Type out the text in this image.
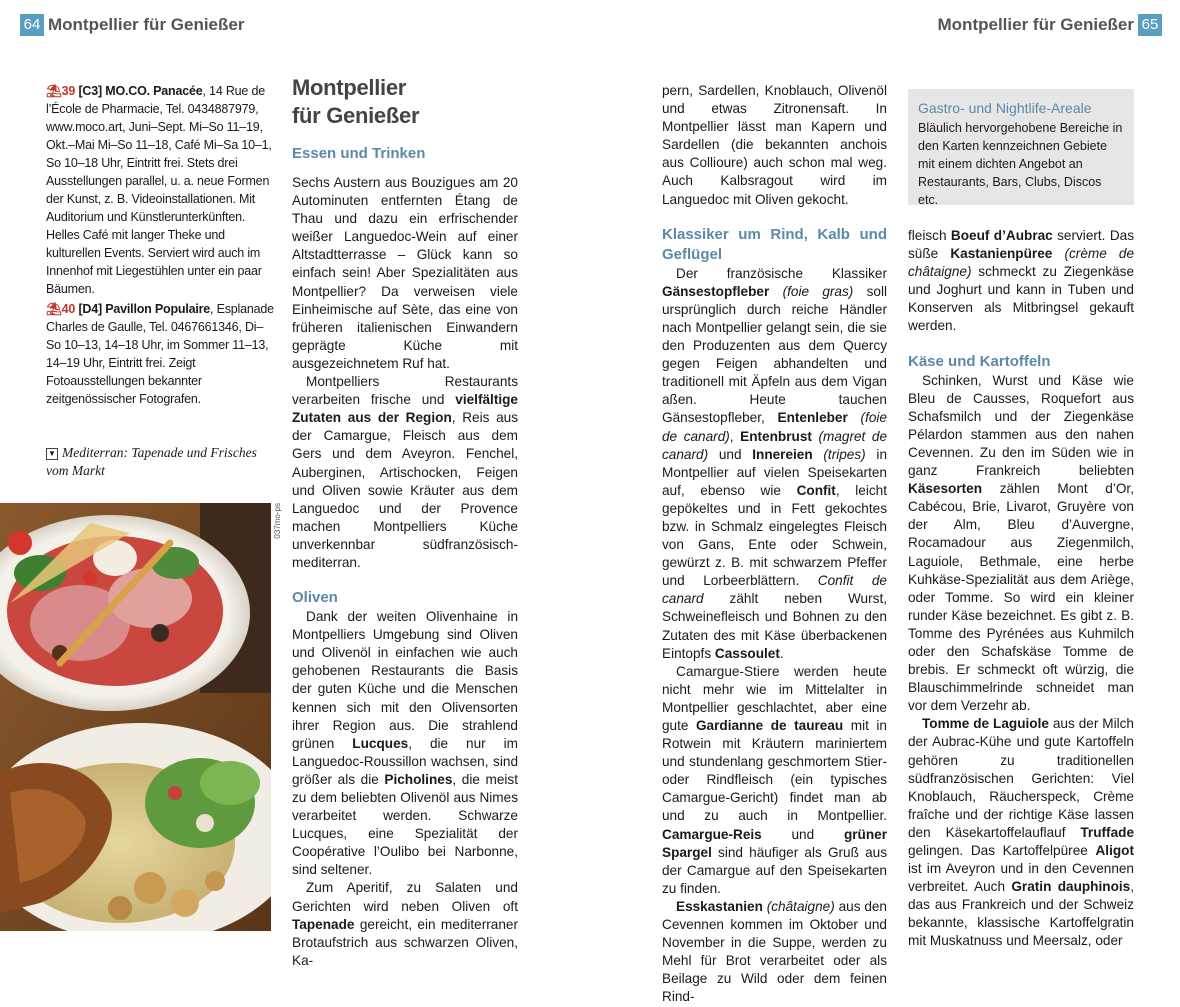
64 Montpellier für Genießer	Montpellier für Genießer 65

⛱39 [C3] MO.CO. Panacée, 14 Rue de l’École de Pharmacie, Tel. 0434887979, www.moco.art, Juni–Sept. Mi–So 11–19, Okt.–Mai Mi–So 11–18, Café Mi–Sa 10–1, So 10–18 Uhr, Eintritt frei. Stets drei Ausstellungen parallel, u. a. neue Formen der Kunst, z. B. Videoinstallationen. Mit Auditorium und Künstlerunterkünften. Helles Café mit langer Theke und kulturellen Events. Serviert wird auch im Innenhof mit Liegestühlen unter ein paar Bäumen.

⛱40 [D4] Pavillon Populaire, Esplanade Charles de Gaulle, Tel. 0467661346, Di–So 10–13, 14–18 Uhr, im Sommer 11–13, 14–19 Uhr, Eintritt frei. Zeigt Fotoausstellungen bekannter zeitgenössischer Fotografen.

▼ Mediterran: Tapenade und Frisches vom Markt
037mo-ps
Montpellier
für Genießer
Essen und Trinken

Sechs Austern aus Bouzigues am 20 Autominuten entfernten Étang de Thau und dazu ein erfrischender weißer Languedoc-Wein auf einer Altstadtterrasse – Glück kann so einfach sein! Aber Spezialitäten aus Montpellier? Da verweisen viele Einheimische auf Sète, das eine von früheren italienischen Einwandern geprägte Küche mit ausgezeichnetem Ruf hat.

Montpelliers Restaurants verarbeiten frische und vielfältige Zutaten aus der Region, Reis aus der Camargue, Fleisch aus dem Gers und dem Aveyron. Fenchel, Auberginen, Artischocken, Feigen und Oliven sowie Kräuter aus dem Languedoc und der Provence machen Montpelliers Küche unverkennbar südfranzösisch-mediterran.

Oliven

Dank der weiten Olivenhaine in Montpelliers Umgebung sind Oliven und Olivenöl in einfachen wie auch gehobenen Restaurants die Basis der guten Küche und die Menschen kennen sich mit den Olivensorten ihrer Region aus. Die strahlend grünen Lucques, die nur im Languedoc-Roussillon wachsen, sind größer als die Picholines, die meist zu dem beliebten Olivenöl aus Nimes verarbeitet werden. Schwarze Lucques, eine Spezialität der Coopérative l’Oulibo bei Narbonne, sind seltener.

Zum Aperitif, zu Salaten und Gerichten wird neben Oliven oft Tapenade gereicht, ein mediterraner Brotaufstrich aus schwarzen Oliven, Ka-

pern, Sardellen, Knoblauch, Olivenöl und etwas Zitronensaft. In Montpellier lässt man Kapern und Sardellen (die bekannten anchois aus Collioure) auch schon mal weg. Auch Kalbsragout wird im Languedoc mit Oliven gekocht.

Klassiker um Rind, Kalb und Geflügel

Der französische Klassiker Gänsestopfleber (foie gras) soll ursprünglich durch reiche Händler nach Montpellier gelangt sein, die sie den Produzenten aus dem Quercy gegen Feigen abhandelten und traditionell mit Äpfeln aus dem Vigan aßen. Heute tauchen Gänsestopfleber, Entenleber (foie de canard), Entenbrust (magret de canard) und Innereien (tripes) in Montpellier auf vielen Speisekarten auf, ebenso wie Confit, leicht gepökeltes und in Fett gekochtes bzw. in Schmalz eingelegtes Fleisch von Gans, Ente oder Schwein, gewürzt z. B. mit schwarzem Pfeffer und Lorbeerblättern. Confit de canard zählt neben Wurst, Schweinefleisch und Bohnen zu den Zutaten des mit Käse überbackenen Eintopfs Cassoulet.

Camargue-Stiere werden heute nicht mehr wie im Mittelalter in Montpellier geschlachtet, aber eine gute Gardianne de taureau mit in Rotwein mit Kräutern mariniertem und stundenlang geschmortem Stier- oder Rindfleisch (ein typisches Camargue-Gericht) findet man ab und zu auch in Montpellier. Camargue-Reis und grüner Spargel sind häufiger als Gruß aus der Camargue auf den Speisekarten zu finden.

Esskastanien (châtaigne) aus den Cevennen kommen im Oktober und November in die Suppe, werden zu Mehl für Brot verarbeitet oder als Beilage zu Wild oder dem feinen Rind-

Gastro- und Nightlife-Areale
Bläulich hervorgehobene Bereiche in den Karten kennzeichnen Gebiete mit einem dichten Angebot an Restaurants, Bars, Clubs, Discos etc.

fleisch Boeuf d’Aubrac serviert. Das süße Kastanienpüree (crème de châtaigne) schmeckt zu Ziegenkäse und Joghurt und kann in Tuben und Konserven als Mitbringsel gekauft werden.

Käse und Kartoffeln

Schinken, Wurst und Käse wie Bleu de Causses, Roquefort aus Schafsmilch und der Ziegenkäse Pélardon stammen aus den nahen Cevennen. Zu den im Süden wie in ganz Frankreich beliebten Käsesorten zählen Mont d’Or, Cabécou, Brie, Livarot, Gruyère von der Alm, Bleu d’Auvergne, Rocamadour aus Ziegenmilch, Laguiole, Bethmale, eine herbe Kuhkäse-Spezialität aus dem Ariège, oder Tomme. So wird ein kleiner runder Käse bezeichnet. Es gibt z. B. Tomme des Pyrénées aus Kuhmilch oder den Schafskäse Tomme de brebis. Er schmeckt oft würzig, die Blauschimmelrinde schneidet man vor dem Verzehr ab.

Tomme de Laguiole aus der Milch der Aubrac-Kühe und gute Kartoffeln gehören zu traditionellen südfranzösischen Gerichten: Viel Knoblauch, Räucherspeck, Crème fraîche und der richtige Käse lassen den Käsekartoffelauflauf Truffade gelingen. Das Kartoffelpüree Aligot ist im Aveyron und in den Cevennen verbreitet. Auch Gratin dauphinois, das aus Frankreich und der Schweiz bekannte, klassische Kartoffelgratin mit Muskatnuss und Meersalz, oder
